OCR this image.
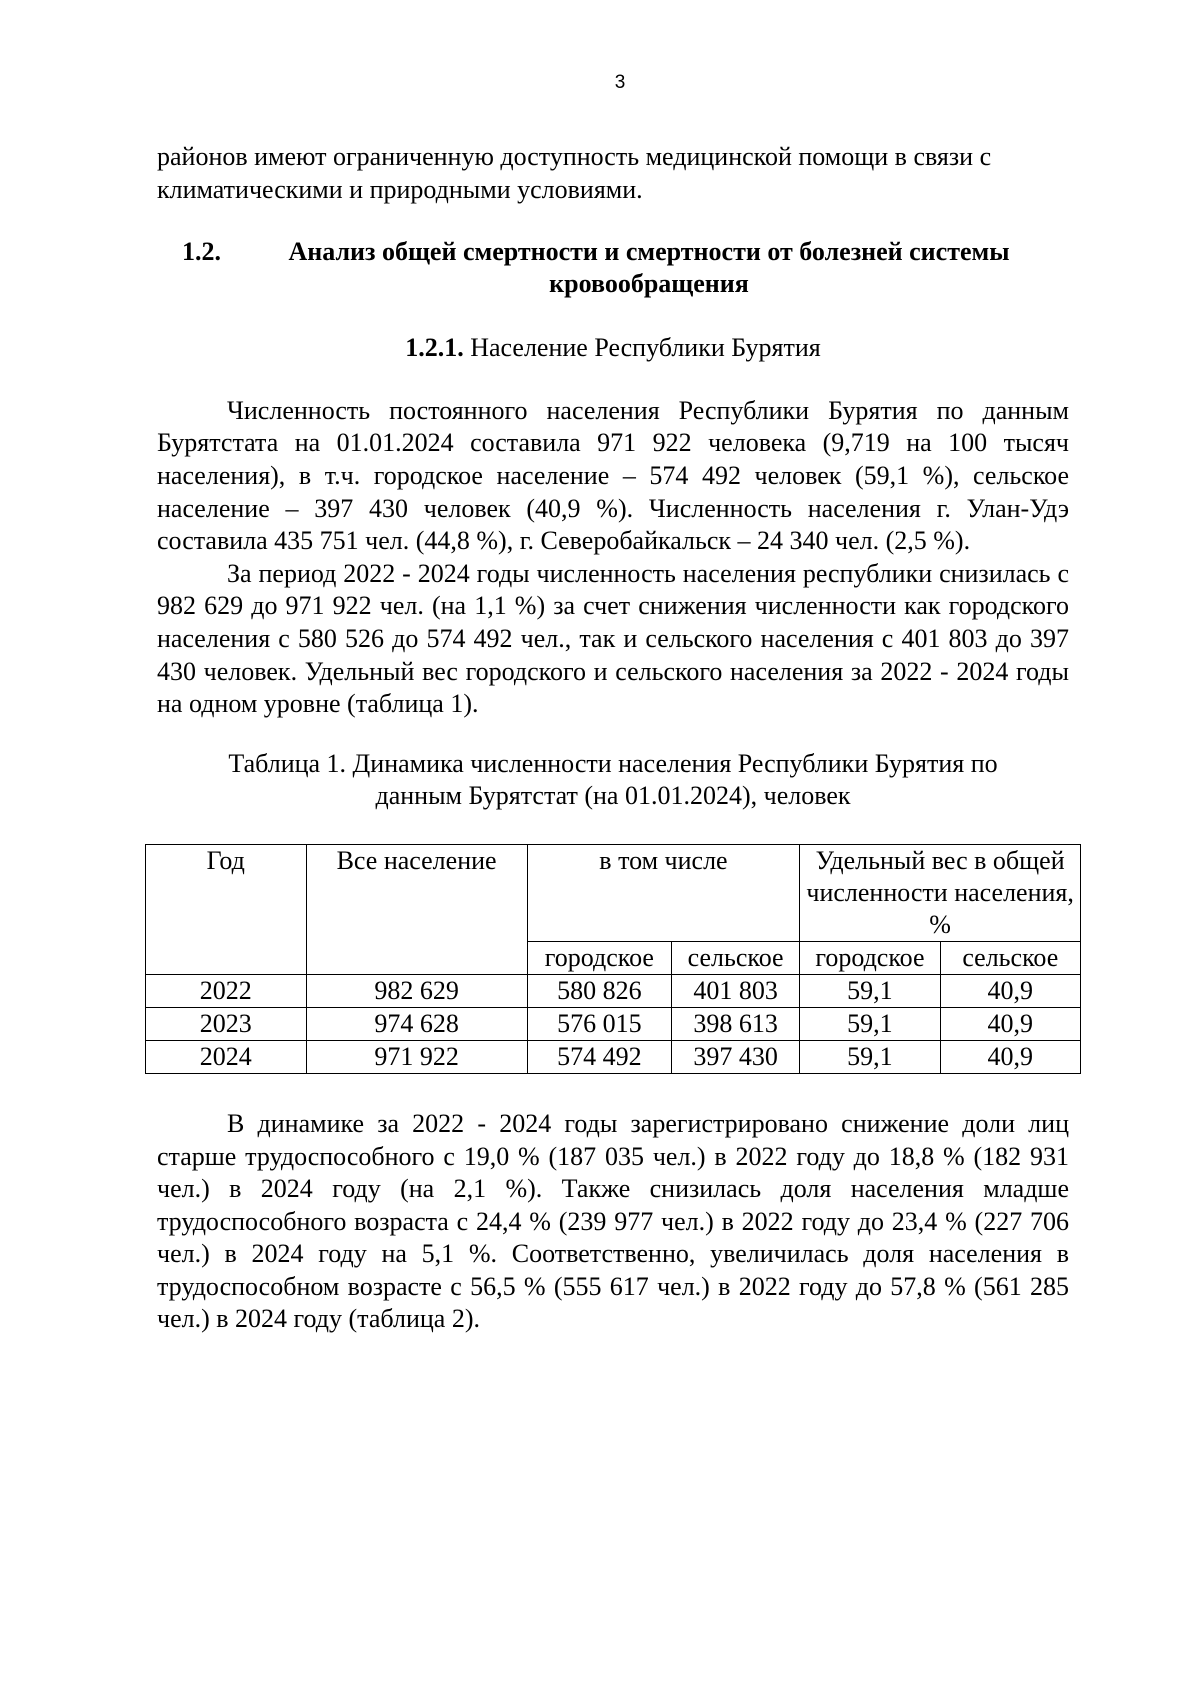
3

районов имеют ограниченную доступность медицинской помощи в связи с климатическими и природными условиями.

1.2.	Анализ общей смертности и смертности от болезней системы кровообращения
1.2.1. Население Республики Бурятия

Численность постоянного населения Республики Бурятия по данным Бурятстата на 01.01.2024 составила 971 922 человека (9,719 на 100 тысяч населения), в т.ч. городское население – 574 492 человек (59,1 %), сельское население – 397 430 человек (40,9 %). Численность населения г. Улан-Удэ составила 435 751 чел. (44,8 %), г. Северобайкальск – 24 340 чел. (2,5 %).

За период 2022 - 2024 годы численность населения республики снизилась с 982 629 до 971 922 чел. (на 1,1 %) за счет снижения численности как городского населения с 580 526 до 574 492 чел., так и сельского населения с 401 803 до 397 430 человек. Удельный вес городского и сельского населения за 2022 - 2024 годы на одном уровне (таблица 1).

Таблица 1. Динамика численности населения Республики Бурятия по данным Бурятстат (на 01.01.2024), человек
Год	Все население	в том числе		Удельный вес в общей численности населения, %	
		городское	сельское	городское	сельское
2022	982 629	580 826	401 803	59,1	40,9
2023	974 628	576 015	398 613	59,1	40,9
2024	971 922	574 492	397 430	59,1	40,9

В динамике за 2022 - 2024 годы зарегистрировано снижение доли лиц старше трудоспособного с 19,0 % (187 035 чел.) в 2022 году до 18,8 % (182 931 чел.) в 2024 году (на 2,1 %). Также снизилась доля населения младше трудоспособного возраста с 24,4 % (239 977 чел.) в 2022 году до 23,4 % (227 706 чел.) в 2024 году на 5,1 %. Соответственно, увеличилась доля населения в трудоспособном возрасте с 56,5 % (555 617 чел.) в 2022 году до 57,8 % (561 285 чел.) в 2024 году (таблица 2).
